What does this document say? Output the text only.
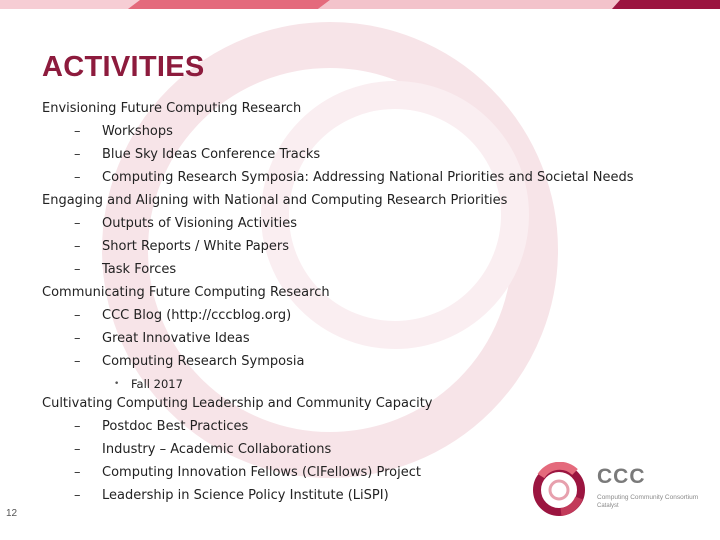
ACTIVITIES
Envisioning Future Computing Research
– Workshops
– Blue Sky Ideas Conference Tracks
– Computing Research Symposia: Addressing National Priorities and Societal Needs
Engaging and Aligning with National and Computing Research Priorities
– Outputs of Visioning Activities
– Short Reports / White Papers
– Task Forces
Communicating Future Computing Research
– CCC Blog (http://cccblog.org)
– Great Innovative Ideas
– Computing Research Symposia
• Fall 2017
Cultivating Computing Leadership and Community Capacity
– Postdoc Best Practices
– Industry – Academic Collaborations
– Computing Innovation Fellows (CIFellows) Project
– Leadership in Science Policy Institute (LiSPI)
CCC
Computing Community Consortium
Catalyst
12
